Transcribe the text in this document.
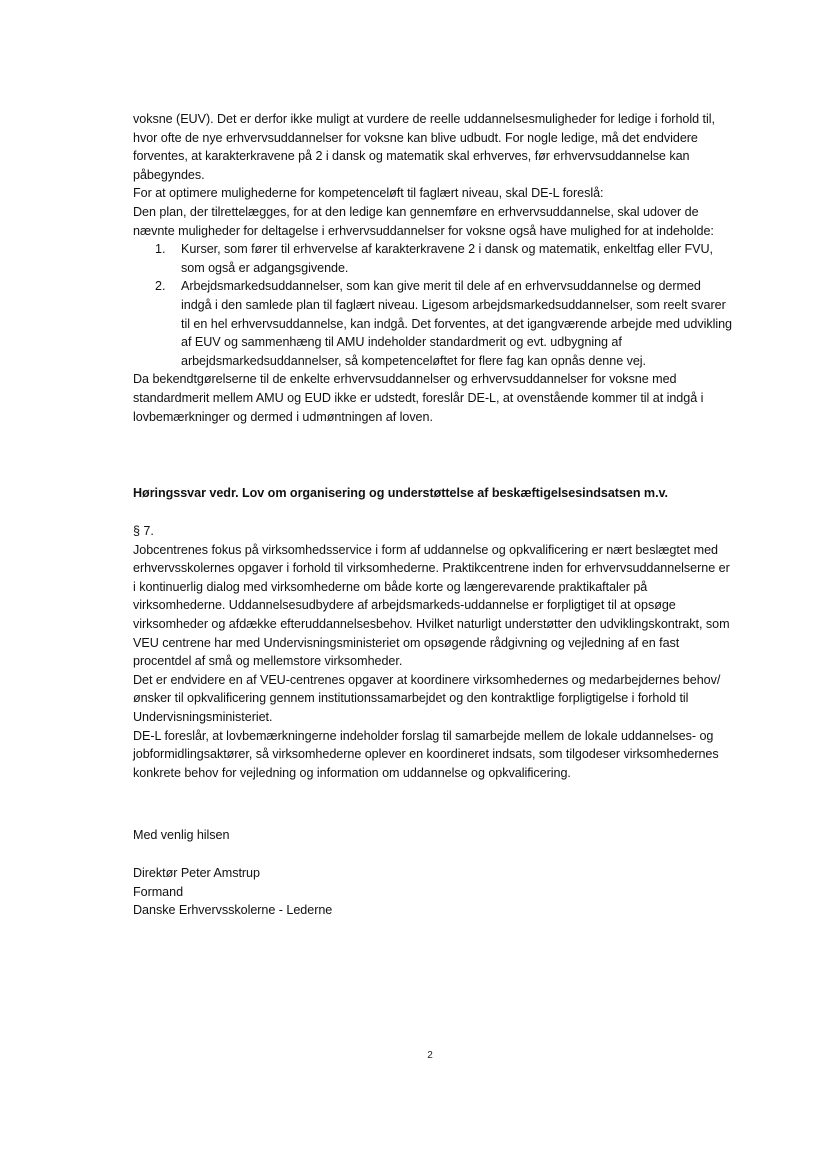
voksne (EUV). Det er derfor ikke muligt at vurdere de reelle uddannelsesmuligheder for ledige i forhold til, hvor ofte de nye erhvervsuddannelser for voksne kan blive udbudt. For nogle ledige, må det endvidere forventes, at karakterkravene på 2 i dansk og matematik skal erhverves, før erhvervsuddannelse kan påbegyndes.

For at optimere mulighederne for kompetenceløft til faglært niveau, skal DE-L foreslå:

Den plan, der tilrettelægges, for at den ledige kan gennemføre en erhvervsuddannelse, skal udover de nævnte muligheder for deltagelse i erhvervsuddannelser for voksne også have mulighed for at indeholde:

1. Kurser, som fører til erhvervelse af karakterkravene 2 i dansk og matematik, enkeltfag eller FVU, som også er adgangsgivende.
2. Arbejdsmarkedsuddannelser, som kan give merit til dele af en erhvervsuddannelse og dermed indgå i den samlede plan til faglært niveau. Ligesom arbejdsmarkedsuddannelser, som reelt svarer til en hel erhvervsuddannelse, kan indgå. Det forventes, at det igangværende arbejde med udvikling af EUV og sammenhæng til AMU indeholder standardmerit og evt. udbygning af arbejdsmarkedsuddannelser, så kompetenceløftet for flere fag kan opnås denne vej.

Da bekendtgørelserne til de enkelte erhvervsuddannelser og erhvervsuddannelser for voksne med standardmerit mellem AMU og EUD ikke er udstedt, foreslår DE-L, at ovenstående kommer til at indgå i lovbemærkninger og dermed i udmøntningen af loven.

Høringssvar vedr. Lov om organisering og understøttelse af beskæftigelsesindsatsen m.v.

§ 7.

Jobcentrenes fokus på virksomhedsservice i form af uddannelse og opkvalificering er nært beslægtet med erhvervsskolernes opgaver i forhold til virksomhederne. Praktikcentrene inden for erhvervsuddannelserne er i kontinuerlig dialog med virksomhederne om både korte og længerevarende praktikaftaler på virksomhederne. Uddannelsesudbydere af arbejdsmarkeds-uddannelse er forpligtiget til at opsøge virksomheder og afdække efteruddannelsesbehov. Hvilket naturligt understøtter den udviklingskontrakt, som VEU centrene har med Undervisningsministeriet om opsøgende rådgivning og vejledning af en fast procentdel af små og mellemstore virksomheder.

Det er endvidere en af VEU-centrenes opgaver at koordinere virksomhedernes og medarbejdernes behov/ønsker til opkvalificering gennem institutionssamarbejdet og den kontraktlige forpligtigelse i forhold til Undervisningsministeriet.

DE-L foreslår, at lovbemærkningerne indeholder forslag til samarbejde mellem de lokale uddannelses- og jobformidlingsaktører, så virksomhederne oplever en koordineret indsats, som tilgodeser virksomhedernes konkrete behov for vejledning og information om uddannelse og opkvalificering.

Med venlig hilsen

Direktør Peter Amstrup

Formand

Danske Erhvervsskolerne - Lederne

2
